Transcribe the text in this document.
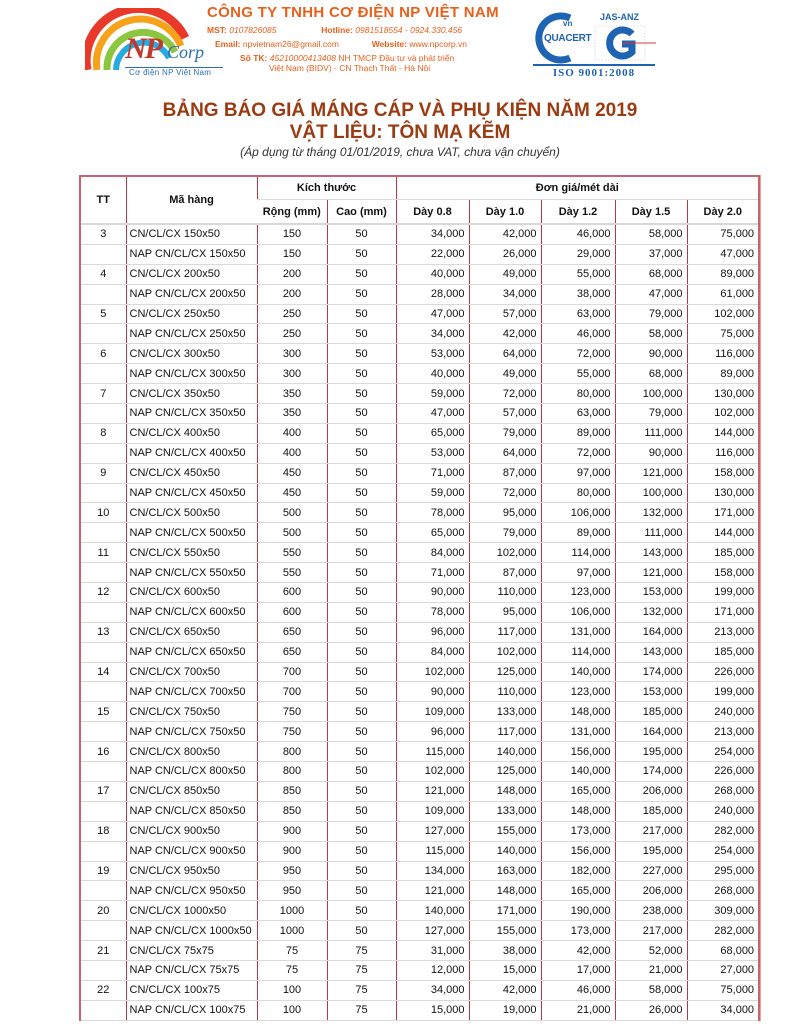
NP Corp
Cơ điện NP Việt Nam
CÔNG TY TNHH CƠ ĐIỆN NP VIỆT NAM
MST: 0107826085	Hotline: 0981518554 - 0924.330.456
Email: npvietnam26@gmail.com	Website: www.npcorp.vn
Số TK: 45210000413408 NH TMCP Đầu tư và phát triển
Việt Nam (BIDV) - CN Thạch Thất - Hà Nội
vn
JAS-ANZ
QUACERT
ISO 9001:2008
BẢNG BÁO GIÁ MÁNG CÁP VÀ PHỤ KIỆN NĂM 2019
VẬT LIỆU: TÔN MẠ KẼM
(Áp dụng từ tháng 01/01/2019, chưa VAT, chưa vận chuyển)
TT	Mã hàng	Kích thước		Đơn giá/mét dài				
		Rộng (mm)	Cao (mm)	Dày 0.8	Dày 1.0	Dày 1.2	Dày 1.5	Dày 2.0
3	CN/CL/CX 150x50	150	50	34,000	42,000	46,000	58,000	75,000
	NAP CN/CL/CX 150x50	150	50	22,000	26,000	29,000	37,000	47,000
4	CN/CL/CX 200x50	200	50	40,000	49,000	55,000	68,000	89,000
	NAP CN/CL/CX 200x50	200	50	28,000	34,000	38,000	47,000	61,000
5	CN/CL/CX 250x50	250	50	47,000	57,000	63,000	79,000	102,000
	NAP CN/CL/CX 250x50	250	50	34,000	42,000	46,000	58,000	75,000
6	CN/CL/CX 300x50	300	50	53,000	64,000	72,000	90,000	116,000
	NAP CN/CL/CX 300x50	300	50	40,000	49,000	55,000	68,000	89,000
7	CN/CL/CX 350x50	350	50	59,000	72,000	80,000	100,000	130,000
	NAP CN/CL/CX 350x50	350	50	47,000	57,000	63,000	79,000	102,000
8	CN/CL/CX 400x50	400	50	65,000	79,000	89,000	111,000	144,000
	NAP CN/CL/CX 400x50	400	50	53,000	64,000	72,000	90,000	116,000
9	CN/CL/CX 450x50	450	50	71,000	87,000	97,000	121,000	158,000
	NAP CN/CL/CX 450x50	450	50	59,000	72,000	80,000	100,000	130,000
10	CN/CL/CX 500x50	500	50	78,000	95,000	106,000	132,000	171,000
	NAP CN/CL/CX 500x50	500	50	65,000	79,000	89,000	111,000	144,000
11	CN/CL/CX 550x50	550	50	84,000	102,000	114,000	143,000	185,000
	NAP CN/CL/CX 550x50	550	50	71,000	87,000	97,000	121,000	158,000
12	CN/CL/CX 600x50	600	50	90,000	110,000	123,000	153,000	199,000
	NAP CN/CL/CX 600x50	600	50	78,000	95,000	106,000	132,000	171,000
13	CN/CL/CX 650x50	650	50	96,000	117,000	131,000	164,000	213,000
	NAP CN/CL/CX 650x50	650	50	84,000	102,000	114,000	143,000	185,000
14	CN/CL/CX 700x50	700	50	102,000	125,000	140,000	174,000	226,000
	NAP CN/CL/CX 700x50	700	50	90,000	110,000	123,000	153,000	199,000
15	CN/CL/CX 750x50	750	50	109,000	133,000	148,000	185,000	240,000
	NAP CN/CL/CX 750x50	750	50	96,000	117,000	131,000	164,000	213,000
16	CN/CL/CX 800x50	800	50	115,000	140,000	156,000	195,000	254,000
	NAP CN/CL/CX 800x50	800	50	102,000	125,000	140,000	174,000	226,000
17	CN/CL/CX 850x50	850	50	121,000	148,000	165,000	206,000	268,000
	NAP CN/CL/CX 850x50	850	50	109,000	133,000	148,000	185,000	240,000
18	CN/CL/CX 900x50	900	50	127,000	155,000	173,000	217,000	282,000
	NAP CN/CL/CX 900x50	900	50	115,000	140,000	156,000	195,000	254,000
19	CN/CL/CX 950x50	950	50	134,000	163,000	182,000	227,000	295,000
	NAP CN/CL/CX 950x50	950	50	121,000	148,000	165,000	206,000	268,000
20	CN/CL/CX 1000x50	1000	50	140,000	171,000	190,000	238,000	309,000
	NAP CN/CL/CX 1000x50	1000	50	127,000	155,000	173,000	217,000	282,000
21	CN/CL/CX 75x75	75	75	31,000	38,000	42,000	52,000	68,000
	NAP CN/CL/CX 75x75	75	75	12,000	15,000	17,000	21,000	27,000
22	CN/CL/CX 100x75	100	75	34,000	42,000	46,000	58,000	75,000
	NAP CN/CL/CX 100x75	100	75	15,000	19,000	21,000	26,000	34,000
